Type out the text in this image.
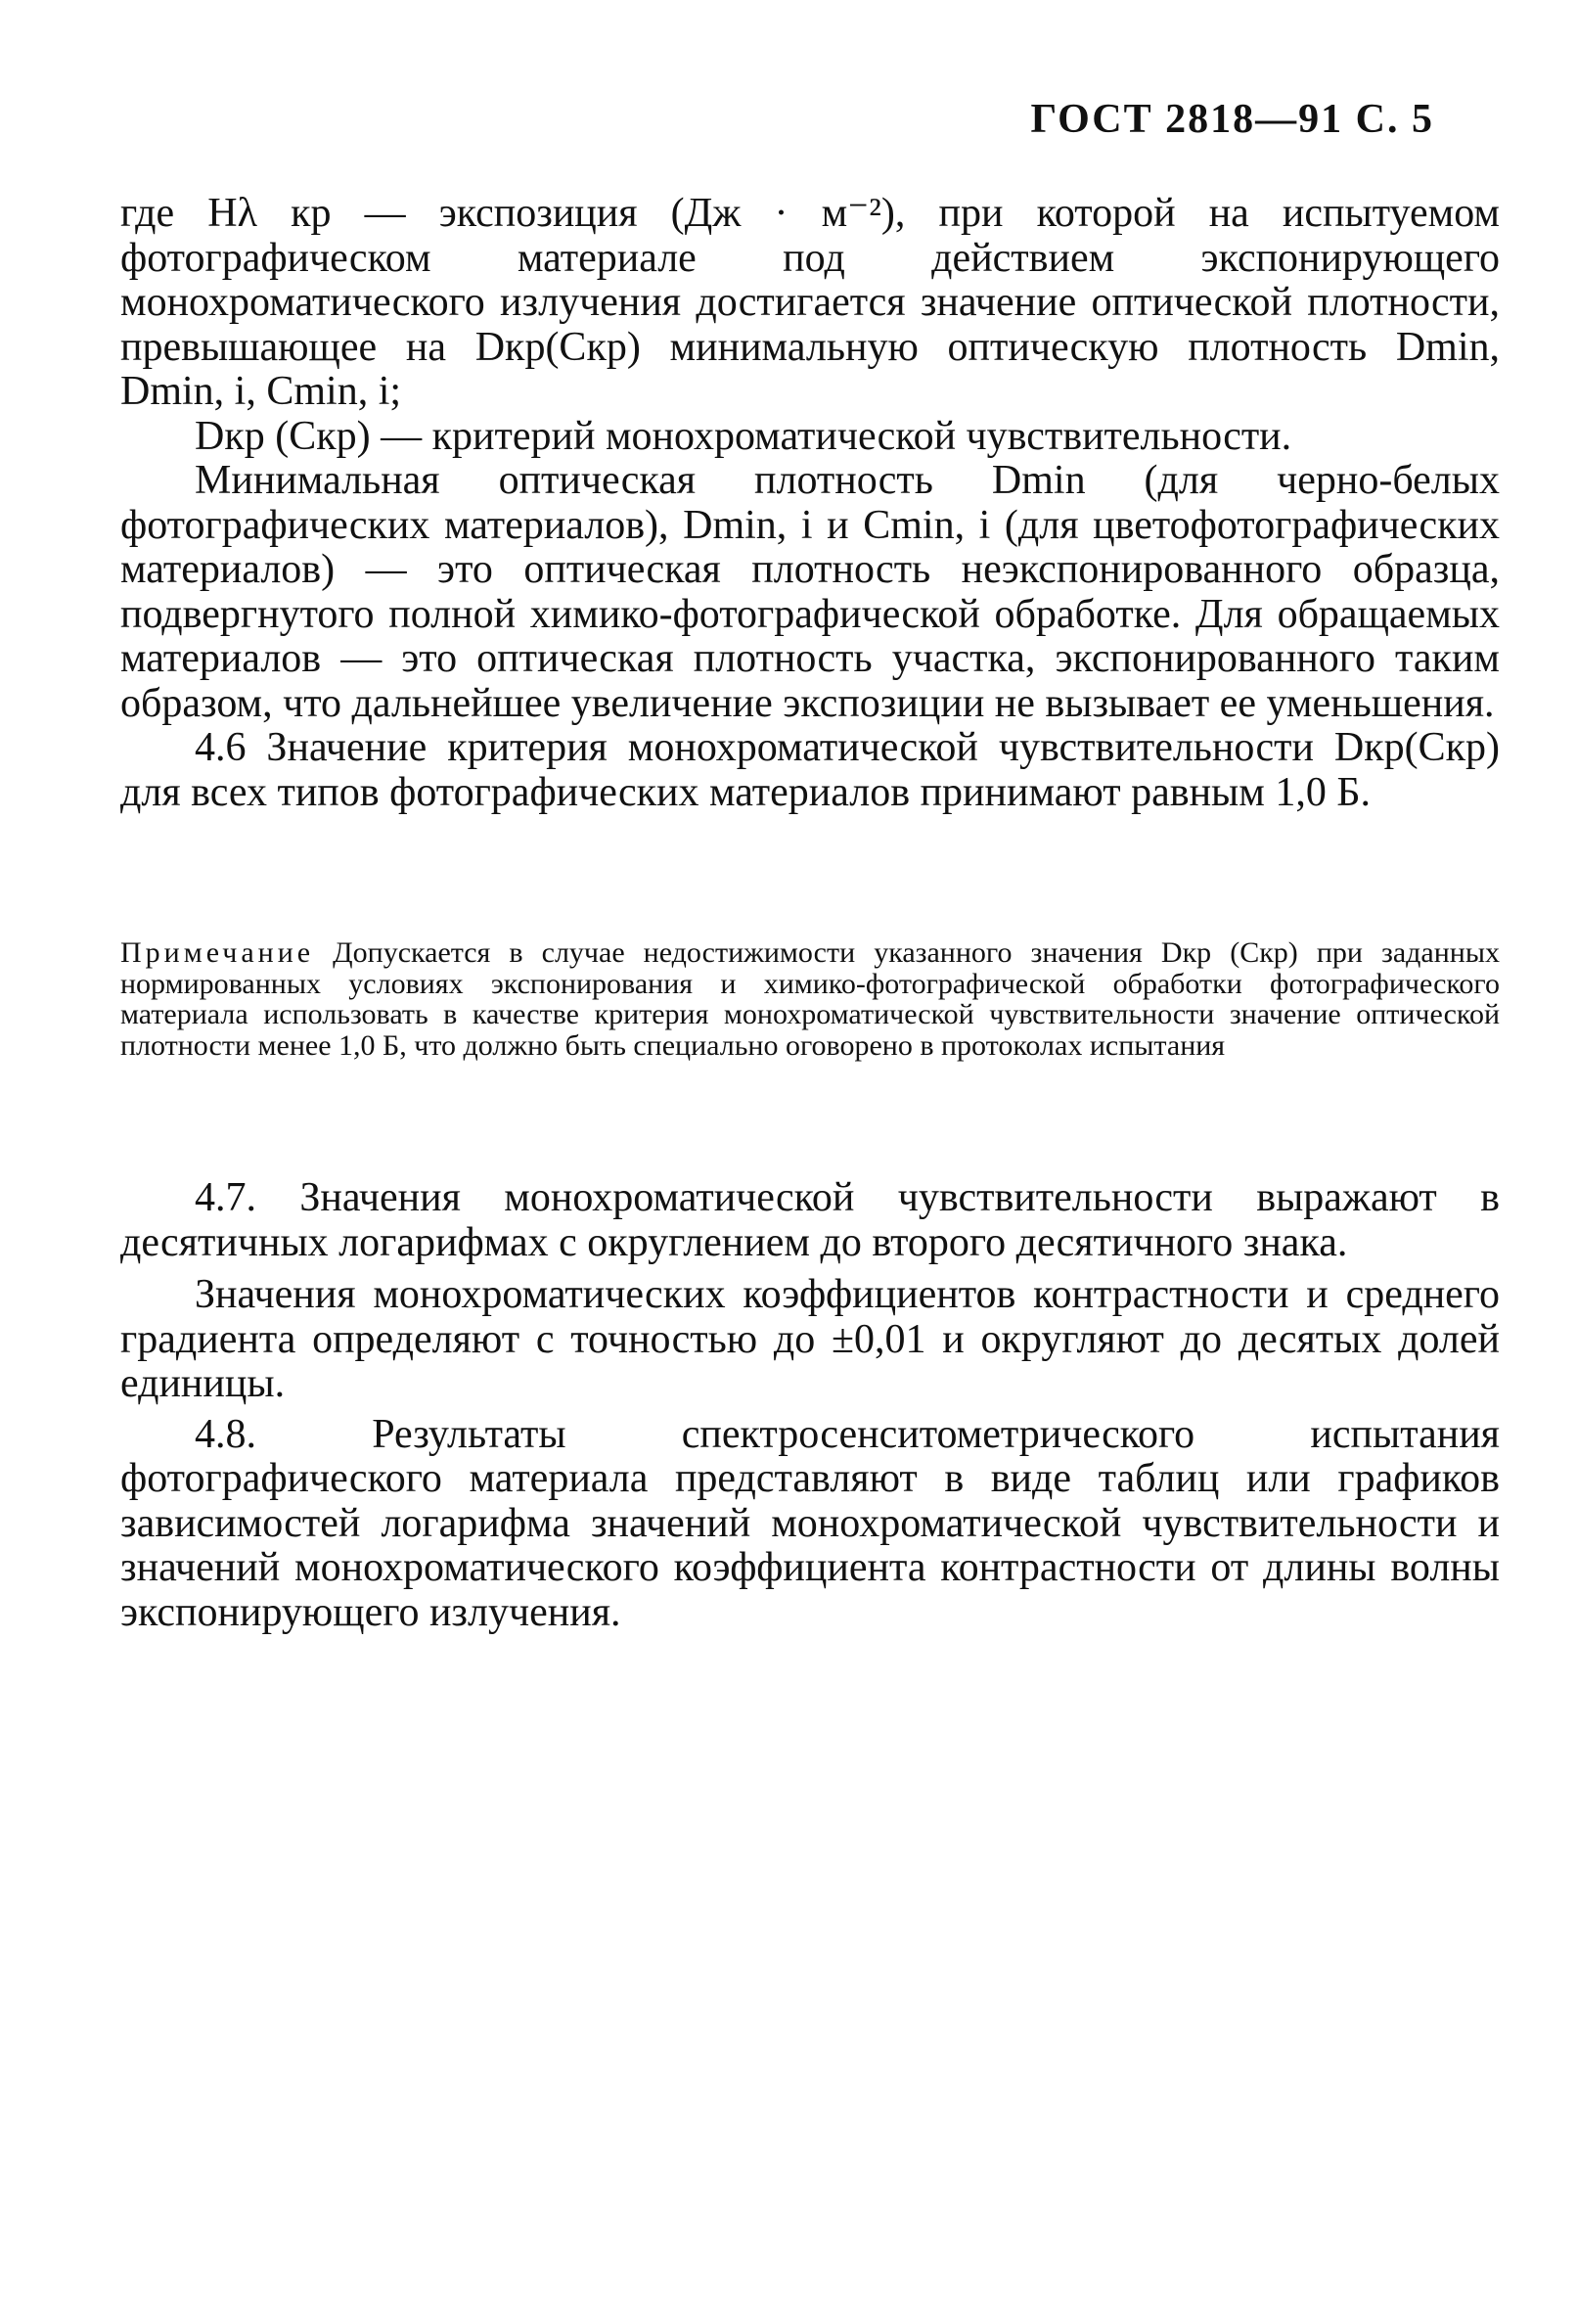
ГОСТ 2818—91 С. 5

где Hλ кр — экспозиция (Дж · м⁻²), при которой на испытуемом фотографическом материале под действием экспонирующего монохроматического излучения достигается значение оптической плотности, превышающее на Dкр(Cкр) минимальную оптическую плотность Dmin, Dmin, i, Cmin, i;

Dкр (Cкр) — критерий монохроматической чувствительности.

Минимальная оптическая плотность Dmin (для черно-белых фотографических материалов), Dmin, i и Cmin, i (для цветофотографических материалов) — это оптическая плотность неэкспонированного образца, подвергнутого полной химико-фотографической обработке. Для обращаемых материалов — это оптическая плотность участка, экспонированного таким образом, что дальнейшее увеличение экспозиции не вызывает ее уменьшения.

4.6 Значение критерия монохроматической чувствительности Dкр(Cкр) для всех типов фотографических материалов принимают равным 1,0 Б.

Примечание Допускается в случае недостижимости указанного значения Dкр (Cкр) при заданных нормированных условиях экспонирования и химико-фотографической обработки фотографического материала использовать в качестве критерия монохроматической чувствительности значение оптической плотности менее 1,0 Б, что должно быть специально оговорено в протоколах испытания

4.7. Значения монохроматической чувствительности выражают в десятичных логарифмах с округлением до второго десятичного знака.

Значения монохроматических коэффициентов контрастности и среднего градиента определяют с точностью до ±0,01 и округляют до десятых долей единицы.

4.8. Результаты спектросенситометрического испытания фотографического материала представляют в виде таблиц или графиков зависимостей логарифма значений монохроматической чувствительности и значений монохроматического коэффициента контрастности от длины волны экспонирующего излучения.
